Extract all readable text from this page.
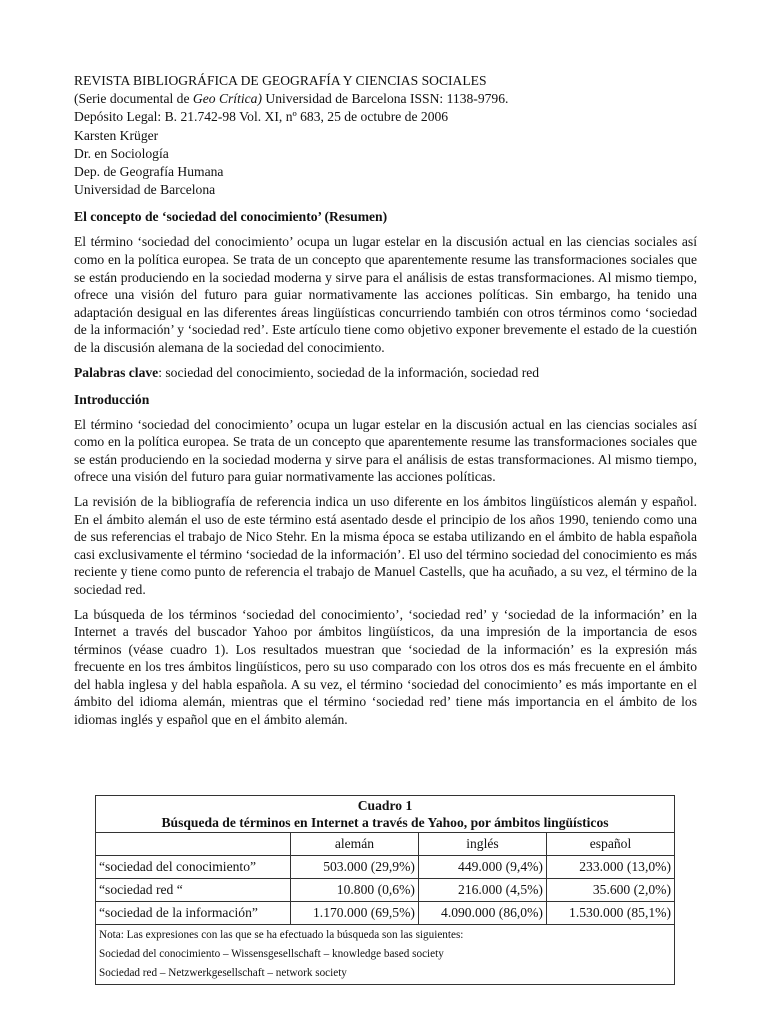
REVISTA BIBLIOGRÁFICA DE GEOGRAFÍA Y CIENCIAS SOCIALES
(Serie documental de Geo Crítica) Universidad de Barcelona ISSN: 1138-9796.
Depósito Legal: B. 21.742-98 Vol. XI, nº 683, 25 de octubre de 2006
Karsten Krüger
Dr. en Sociología
Dep. de Geografía Humana
Universidad de Barcelona
El concepto de ‘sociedad del conocimiento’ (Resumen)
El término ‘sociedad del conocimiento’ ocupa un lugar estelar en la discusión actual en las ciencias sociales así como en la política europea. Se trata de un concepto que aparentemente resume las transformaciones sociales que se están produciendo en la sociedad moderna y sirve para el análisis de estas transformaciones. Al mismo tiempo, ofrece una visión del futuro para guiar normativamente las acciones políticas. Sin embargo, ha tenido una adaptación desigual en las diferentes áreas lingüísticas concurriendo también con otros términos como ‘sociedad de la información’ y ‘sociedad red’. Este artículo tiene como objetivo exponer brevemente el estado de la cuestión de la discusión alemana de la sociedad del conocimiento.
Palabras clave: sociedad del conocimiento, sociedad de la información, sociedad red
Introducción
El término ‘sociedad del conocimiento’ ocupa un lugar estelar en la discusión actual en las ciencias sociales así como en la política europea. Se trata de un concepto que aparentemente resume las transformaciones sociales que se están produciendo en la sociedad moderna y sirve para el análisis de estas transformaciones. Al mismo tiempo, ofrece una visión del futuro para guiar normativamente las acciones políticas.
La revisión de la bibliografía de referencia indica un uso diferente en los ámbitos lingüísticos alemán y español. En el ámbito alemán el uso de este término está asentado desde el principio de los años 1990, teniendo como una de sus referencias el trabajo de Nico Stehr. En la misma época se estaba utilizando en el ámbito de habla española casi exclusivamente el término ‘sociedad de la información’. El uso del término sociedad del conocimiento es más reciente y tiene como punto de referencia el trabajo de Manuel Castells, que ha acuñado, a su vez, el término de la sociedad red.
La búsqueda de los términos ‘sociedad del conocimiento’, ‘sociedad red’ y ‘sociedad de la información’ en la Internet a través del buscador Yahoo por ámbitos lingüísticos, da una impresión de la importancia de esos términos (véase cuadro 1). Los resultados muestran que ‘sociedad de la información’ es la expresión más frecuente en los tres ámbitos lingüísticos, pero su uso comparado con los otros dos es más frecuente en el ámbito del habla inglesa y del habla española. A su vez, el término ‘sociedad del conocimiento’ es más importante en el ámbito del idioma alemán, mientras que el término ‘sociedad red’ tiene más importancia en el ámbito de los idiomas inglés y español que en el ámbito alemán.
Cuadro 1
Búsqueda de términos en Internet a través de Yahoo, por ámbitos lingüísticos			

	alemán	inglés	español
“sociedad del conocimiento”	503.000 (29,9%)	449.000 (9,4%)	233.000 (13,0%)
“sociedad red “	10.800 (0,6%)	216.000 (4,5%)	35.600 (2,0%)
“sociedad de la información”	1.170.000 (69,5%)	4.090.000 (86,0%)	1.530.000 (85,1%)

Nota: Las expresiones con las que se ha efectuado la búsqueda son las siguientes:
Sociedad del conocimiento – Wissensgesellschaft – knowledge based society
Sociedad red – Netzwerkgesellschaft – network society			
